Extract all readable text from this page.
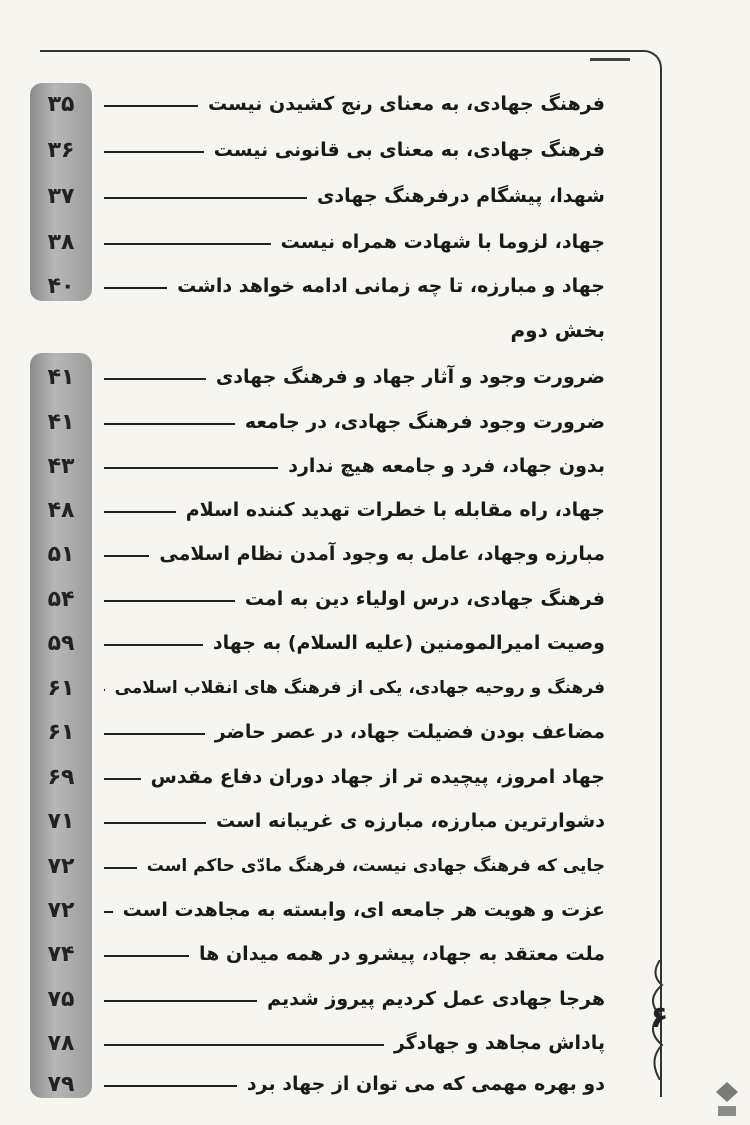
۳۵	فرهنگ جهادی، به معنای رنج کشیدن نیست
۳۶	فرهنگ جهادی، به معنای بی قانونی نیست
۳۷	شهدا، پیشگام درفرهنگ جهادی
۳۸	جهاد، لزوما با شهادت همراه نیست
۴۰	جهاد و مبارزه، تا چه زمانی ادامه خواهد داشت
بخش دوم
۴۱	ضرورت وجود و آثار جهاد و فرهنگ جهادی
۴۱	ضرورت وجود فرهنگ جهادی، در جامعه
۴۳	بدون جهاد، فرد و جامعه هیچ ندارد
۴۸	جهاد، راه مقابله با خطرات تهدید کننده اسلام
۵۱	مبارزه وجهاد، عامل به وجود آمدن نظام اسلامی
۵۴	فرهنگ جهادی، درس اولیاء دین به امت
۵۹	وصیت امیرالمومنین (علیه السلام) به جهاد
۶۱	فرهنگ و روحیه جهادی، یکی از فرهنگ های انقلاب اسلامی
۶۱	مضاعف بودن فضیلت جهاد، در عصر حاضر
۶۹	جهاد امروز، پیچیده تر از جهاد دوران دفاع مقدس
۷۱	دشوارترین مبارزه، مبارزه ی غریبانه است
۷۲	جایی که فرهنگ جهادی نیست، فرهنگ مادّی حاکم است
۷۲	عزت و هویت هر جامعه ای، وابسته به مجاهدت است
۷۴	ملت معتقد به جهاد، پیشرو در همه میدان ها
۷۵	هرجا جهادی عمل کردیم پیروز شدیم
۷۸	پاداش مجاهد و جهادگر
۷۹	دو بهره مهمی که می توان از جهاد برد
۶
